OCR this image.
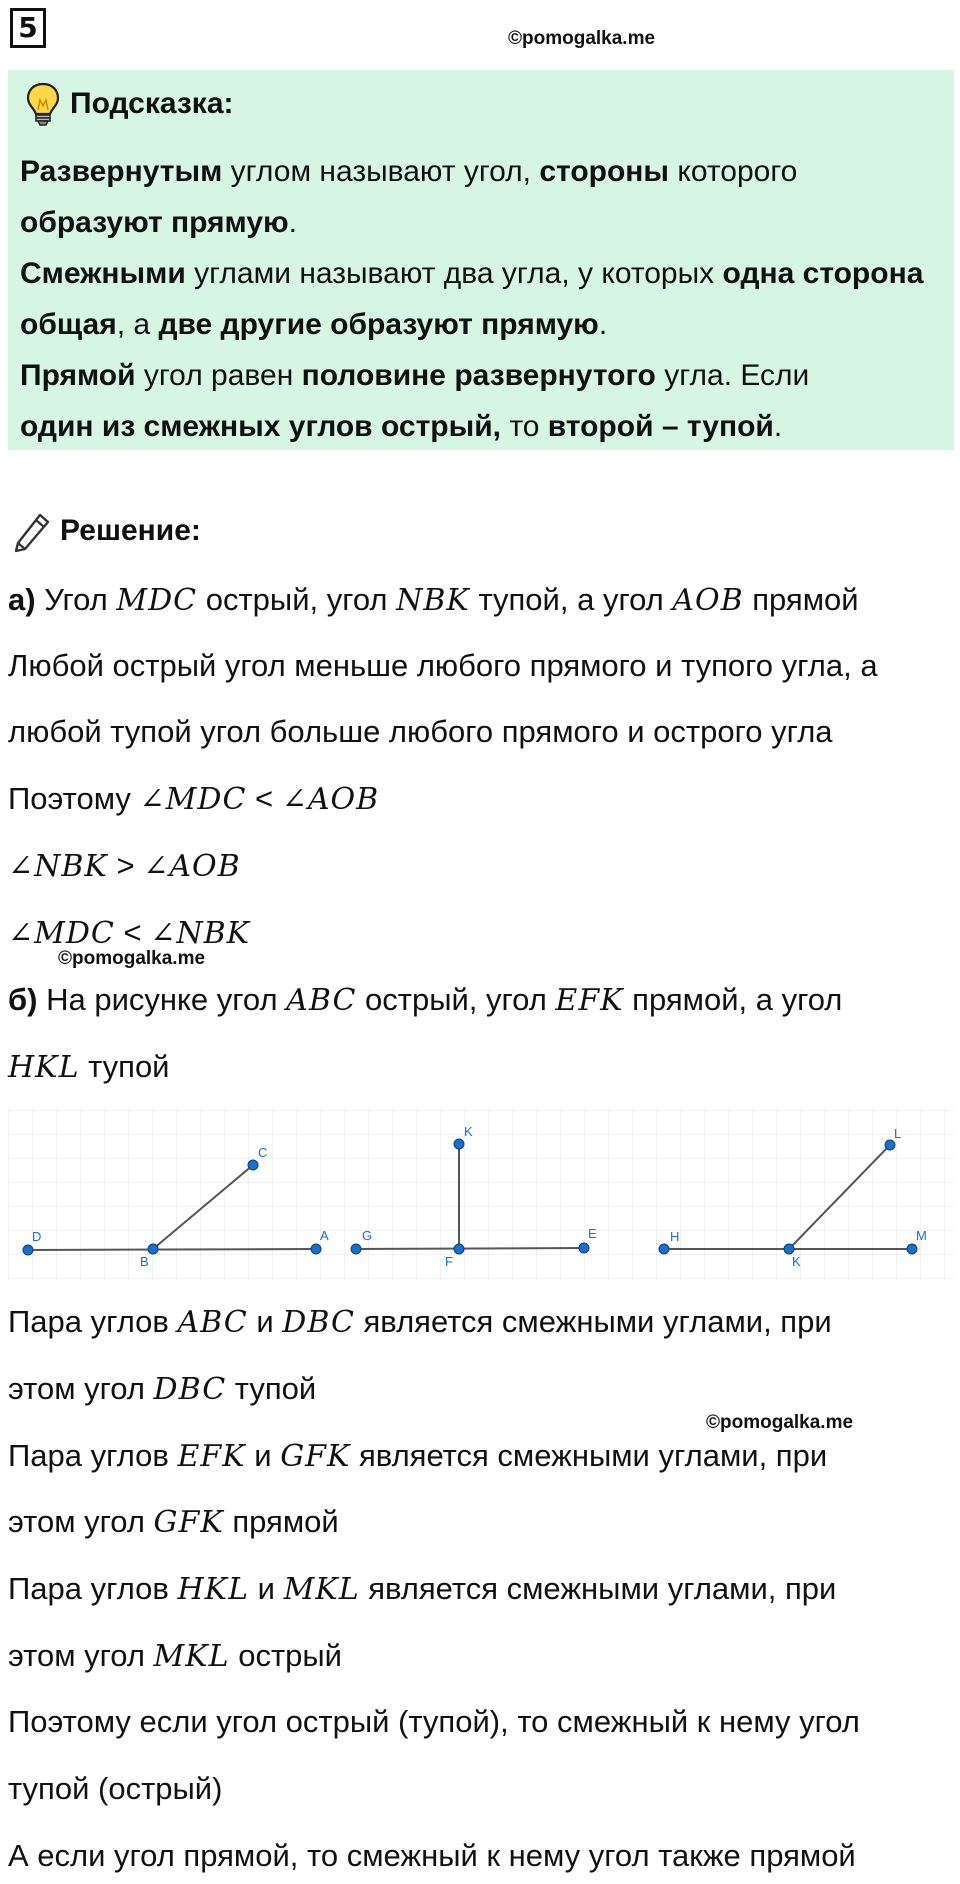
5	©pomogalka.me
Подсказка:

Развернутым углом называют угол, стороны которого
образуют прямую.

Смежными углами называют два угла, у которых одна сторона общая, а две другие образуют прямую.

Прямой угол равен половине развернутого угла. Если
один из смежных углов острый, то второй – тупой.

Решение:
а) Угол MDC острый, угол NBK тупой, а угол AOB прямой
Любой острый угол меньше любого прямого и тупого угла, а
любой тупой угол больше любого прямого и острого угла
Поэтому ∠MDC < ∠AOB
∠NBK > ∠AOB
∠MDC < ∠NBK
©pomogalka.me
б) На рисунке угол ABC острый, угол EFK прямой, а угол
HKL тупой
D
B
C
A	G
F
K
E	H
K
L
M
Пара углов ABC и DBC является смежными углами, при
этом угол DBC тупой
©pomogalka.me
Пара углов EFK и GFK является смежными углами, при
этом угол GFK прямой
Пара углов HKL и MKL является смежными углами, при
этом угол MKL острый
Поэтому если угол острый (тупой), то смежный к нему угол
тупой (острый)
А если угол прямой, то смежный к нему угол также прямой
